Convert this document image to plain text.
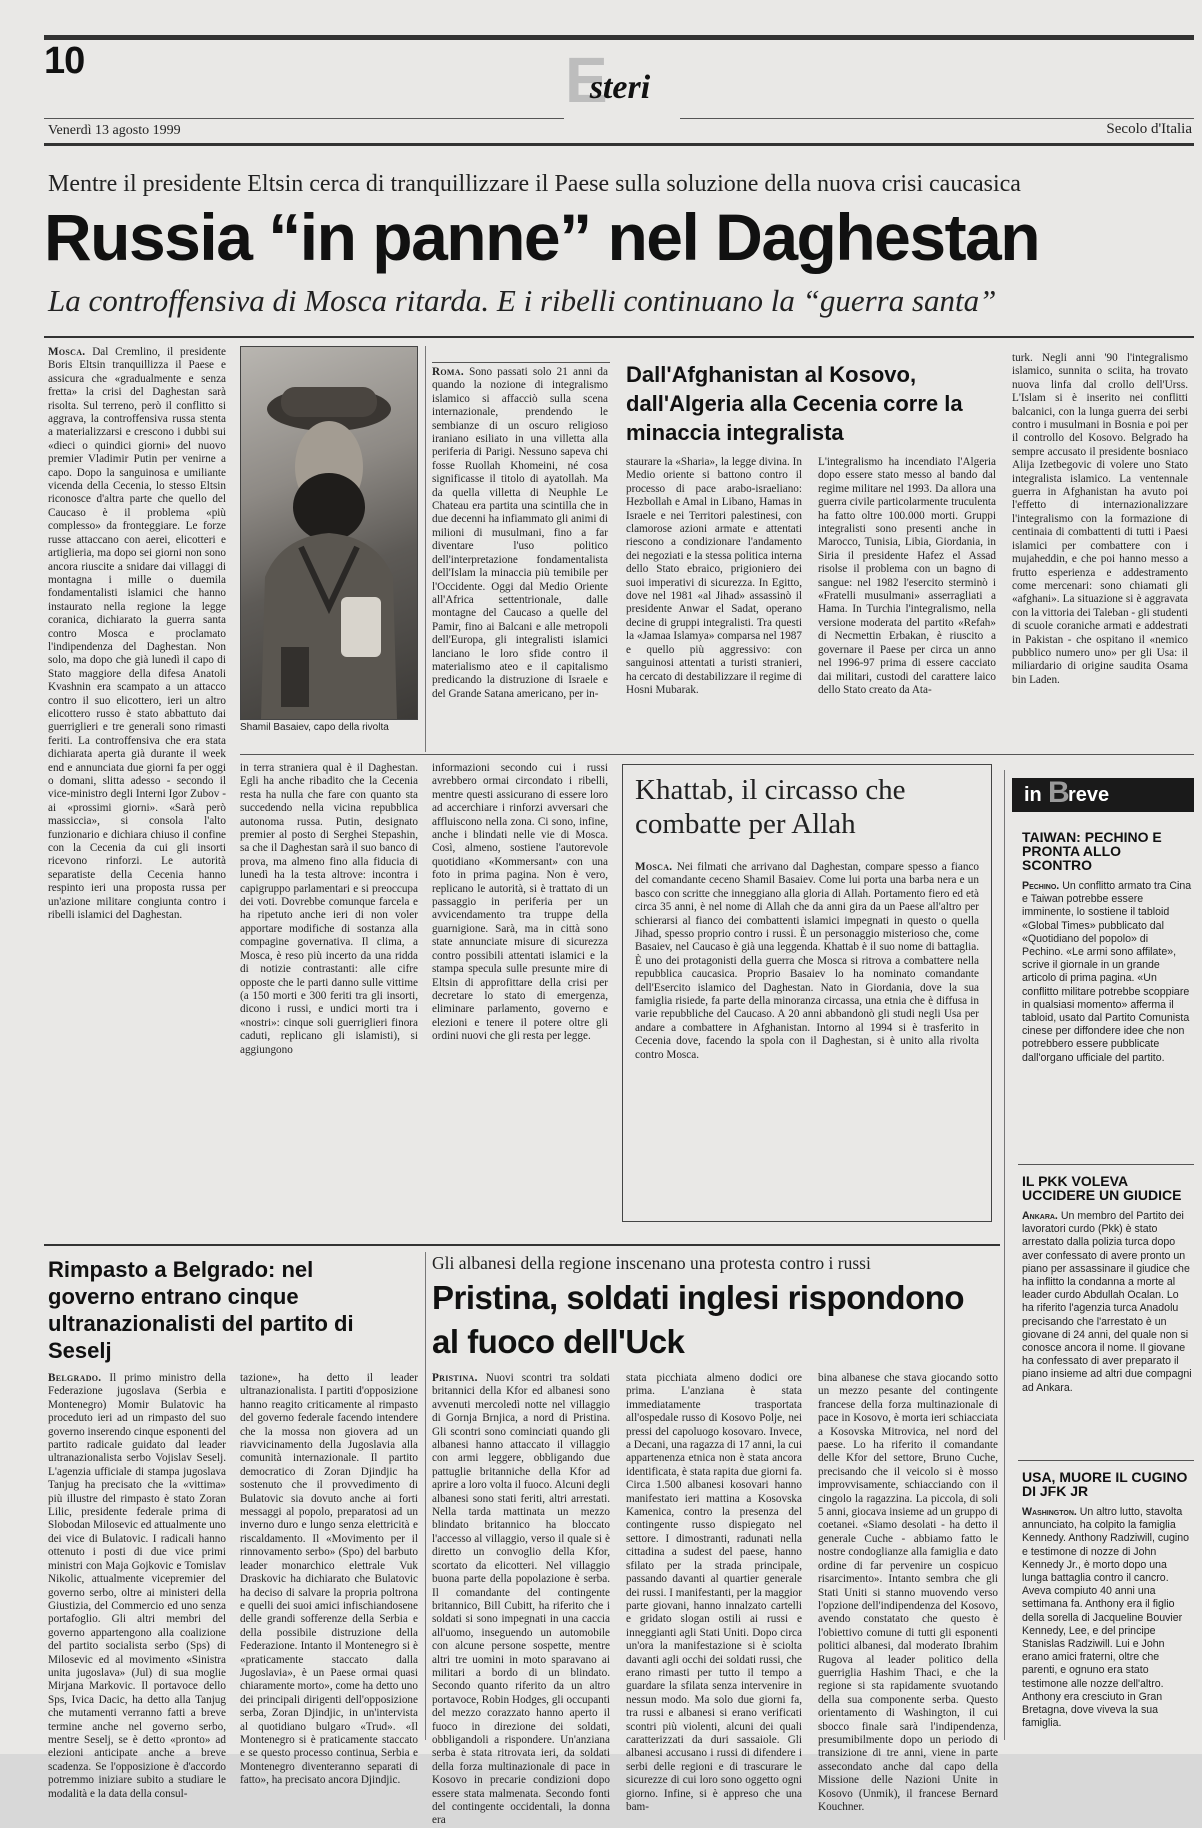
10	Esteri
Venerdì 13 agosto 1999	Secolo d'Italia
Mentre il presidente Eltsin cerca di tranquillizzare il Paese sulla soluzione della nuova crisi caucasica
Russia “in panne” nel Daghestan
La controffensiva di Mosca ritarda. E i ribelli continuano la “guerra santa”
Mosca. Dal Cremlino, il presidente Boris Eltsin tranquillizza il Paese e assicura che «gradualmente e senza fretta» la crisi del Daghestan sarà risolta. Sul terreno, però il conflitto si aggrava, la controffensiva russa stenta a materializzarsi e crescono i dubbi sui «dieci o quindici giorni» del nuovo premier Vladimir Putin per venirne a capo. Dopo la sanguinosa e umiliante vicenda della Cecenia, lo stesso Eltsin riconosce d'altra parte che quello del Caucaso è il problema «più complesso» da fronteggiare. Le forze russe attaccano con aerei, elicotteri e artiglieria, ma dopo sei giorni non sono ancora riuscite a snidare dai villaggi di montagna i mille o duemila fondamentalisti islamici che hanno instaurato nella regione la legge coranica, dichiarato la guerra santa contro Mosca e proclamato l'indipendenza del Daghestan. Non solo, ma dopo che già lunedì il capo di Stato maggiore della difesa Anatoli Kvashnin era scampato a un attacco contro il suo elicottero, ieri un altro elicottero russo è stato abbattuto dai guerriglieri e tre generali sono rimasti feriti. La controffensiva che era stata dichiarata aperta già durante il week end e annunciata due giorni fa per oggi o domani, slitta adesso - secondo il vice-ministro degli Interni Igor Zubov - ai «prossimi giorni». «Sarà però massiccia», si consola l'alto funzionario e dichiara chiuso il confine con la Cecenia da cui gli insorti ricevono rinforzi. Le autorità separatiste della Cecenia hanno respinto ieri una proposta russa per un'azione militare congiunta contro i ribelli islamici del Daghestan.
Shamil Basaiev, capo della rivolta
Roma. Sono passati solo 21 anni da quando la nozione di integralismo islamico si affacciò sulla scena internazionale, prendendo le sembianze di un oscuro religioso iraniano esiliato in una villetta alla periferia di Parigi. Nessuno sapeva chi fosse Ruollah Khomeini, né cosa significasse il titolo di ayatollah. Ma da quella villetta di Neuphle Le Chateau era partita una scintilla che in due decenni ha infiammato gli animi di milioni di musulmani, fino a far diventare l'uso politico dell'interpretazione fondamentalista dell'Islam la minaccia più temibile per l'Occidente. Oggi dal Medio Oriente all'Africa settentrionale, dalle montagne del Caucaso a quelle del Pamir, fino ai Balcani e alle metropoli dell'Europa, gli integralisti islamici lanciano le loro sfide contro il materialismo ateo e il capitalismo predicando la distruzione di Israele e del Grande Satana americano, per in-
Dall'Afghanistan al Kosovo, dall'Algeria alla Cecenia corre la minaccia integralista
staurare la «Sharia», la legge divina. In Medio oriente si battono contro il processo di pace arabo-israeliano: Hezbollah e Amal in Libano, Hamas in Israele e nei Territori palestinesi, con clamorose azioni armate e attentati riescono a condizionare l'andamento dei negoziati e la stessa politica interna dello Stato ebraico, prigioniero dei suoi imperativi di sicurezza. In Egitto, dove nel 1981 «al Jihad» assassinò il presidente Anwar el Sadat, operano decine di gruppi integralisti. Tra questi la «Jamaa Islamya» comparsa nel 1987 e quello più aggressivo: con sanguinosi attentati a turisti stranieri, ha cercato di destabilizzare il regime di Hosni Mubarak.
L'integralismo ha incendiato l'Algeria dopo essere stato messo al bando dal regime militare nel 1993. Da allora una guerra civile particolarmente truculenta ha fatto oltre 100.000 morti. Gruppi integralisti sono presenti anche in Marocco, Tunisia, Libia, Giordania, in Siria il presidente Hafez el Assad risolse il problema con un bagno di sangue: nel 1982 l'esercito sterminò i «Fratelli musulmani» asserragliati a Hama. In Turchia l'integralismo, nella versione moderata del partito «Refah» di Necmettin Erbakan, è riuscito a governare il Paese per circa un anno nel 1996-97 prima di essere cacciato dai militari, custodi del carattere laico dello Stato creato da Ata-
turk. Negli anni '90 l'integralismo islamico, sunnita o sciita, ha trovato nuova linfa dal crollo dell'Urss. L'Islam si è inserito nei conflitti balcanici, con la lunga guerra dei serbi contro i musulmani in Bosnia e poi per il controllo del Kosovo. Belgrado ha sempre accusato il presidente bosniaco Alija Izetbegovic di volere uno Stato integralista islamico. La ventennale guerra in Afghanistan ha avuto poi l'effetto di internazionalizzare l'integralismo con la formazione di centinaia di combattenti di tutti i Paesi islamici per combattere con i mujaheddin, e che poi hanno messo a frutto esperienza e addestramento come mercenari: sono chiamati gli «afghani». La situazione si è aggravata con la vittoria dei Taleban - gli studenti di scuole coraniche armati e addestrati in Pakistan - che ospitano il «nemico pubblico numero uno» per gli Usa: il miliardario di origine saudita Osama bin Laden.
in terra straniera qual è il Daghestan. Egli ha anche ribadito che la Cecenia resta ha nulla che fare con quanto sta succedendo nella vicina repubblica autonoma russa. Putin, designato premier al posto di Serghei Stepashin, sa che il Daghestan sarà il suo banco di prova, ma almeno fino alla fiducia di lunedì ha la testa altrove: incontra i capigruppo parlamentari e si preoccupa dei voti. Dovrebbe comunque farcela e ha ripetuto anche ieri di non voler apportare modifiche di sostanza alla compagine governativa. Il clima, a Mosca, è reso più incerto da una ridda di notizie contrastanti: alle cifre opposte che le parti danno sulle vittime (a 150 morti e 300 feriti tra gli insorti, dicono i russi, e undici morti tra i «nostri»: cinque soli guerriglieri finora caduti, replicano gli islamisti), si aggiungono
informazioni secondo cui i russi avrebbero ormai circondato i ribelli, mentre questi assicurano di essere loro ad accerchiare i rinforzi avversari che affluiscono nella zona. Ci sono, infine, anche i blindati nelle vie di Mosca. Così, almeno, sostiene l'autorevole quotidiano «Kommersant» con una foto in prima pagina. Non è vero, replicano le autorità, si è trattato di un passaggio in periferia per un avvicendamento tra truppe della guarnigione. Sarà, ma in città sono state annunciate misure di sicurezza contro possibili attentati islamici e la stampa specula sulle presunte mire di Eltsin di approfittare della crisi per decretare lo stato di emergenza, eliminare parlamento, governo e elezioni e tenere il potere oltre gli ordini nuovi che gli resta per legge.
Khattab, il circasso che combatte per Allah
Mosca. Nei filmati che arrivano dal Daghestan, compare spesso a fianco del comandante ceceno Shamil Basaiev. Come lui porta una barba nera e un basco con scritte che inneggiano alla gloria di Allah. Portamento fiero ed età circa 35 anni, è nel nome di Allah che da anni gira da un Paese all'altro per schierarsi al fianco dei combattenti islamici impegnati in questo o quella Jihad, spesso proprio contro i russi. È un personaggio misterioso che, come Basaiev, nel Caucaso è già una leggenda. Khattab è il suo nome di battaglia. È uno dei protagonisti della guerra che Mosca si ritrova a combattere nella repubblica caucasica. Proprio Basaiev lo ha nominato comandante dell'Esercito islamico del Daghestan. Nato in Giordania, dove la sua famiglia risiede, fa parte della minoranza circassa, una etnia che è diffusa in varie repubbliche del Caucaso. A 20 anni abbandonò gli studi negli Usa per andare a combattere in Afghanistan. Intorno al 1994 si è trasferito in Cecenia dove, facendo la spola con il Daghestan, si è unito alla rivolta contro Mosca.
in B
reve
TAIWAN: PECHINO E PRONTA ALLO SCONTRO
Pechino. Un conflitto armato tra Cina e Taiwan potrebbe essere imminente, lo sostiene il tabloid «Global Times» pubblicato dal «Quotidiano del popolo» di Pechino. «Le armi sono affilate», scrive il giornale in un grande articolo di prima pagina. «Un conflitto militare potrebbe scoppiare in qualsiasi momento» afferma il tabloid, usato dal Partito Comunista cinese per diffondere idee che non potrebbero essere pubblicate dall'organo ufficiale del partito.
IL PKK VOLEVA UCCIDERE UN GIUDICE
Ankara. Un membro del Partito dei lavoratori curdo (Pkk) è stato arrestato dalla polizia turca dopo aver confessato di avere pronto un piano per assassinare il giudice che ha inflitto la condanna a morte al leader curdo Abdullah Ocalan. Lo ha riferito l'agenzia turca Anadolu precisando che l'arrestato è un giovane di 24 anni, del quale non si conosce ancora il nome. Il giovane ha confessato di aver preparato il piano insieme ad altri due compagni ad Ankara.
USA, MUORE IL CUGINO DI JFK JR
Washington. Un altro lutto, stavolta annunciato, ha colpito la famiglia Kennedy. Anthony Radziwill, cugino e testimone di nozze di John Kennedy Jr., è morto dopo una lunga battaglia contro il cancro. Aveva compiuto 40 anni una settimana fa. Anthony era il figlio della sorella di Jacqueline Bouvier Kennedy, Lee, e del principe Stanislas Radziwill. Lui e John erano amici fraterni, oltre che parenti, e ognuno era stato testimone alle nozze dell'altro. Anthony era cresciuto in Gran Bretagna, dove viveva la sua famiglia.
Rimpasto a Belgrado: nel governo entrano cinque ultranazionalisti del partito di Seselj
Belgrado. Il primo ministro della Federazione jugoslava (Serbia e Montenegro) Momir Bulatovic ha proceduto ieri ad un rimpasto del suo governo inserendo cinque esponenti del partito radicale guidato dal leader ultranazionalista serbo Vojislav Seselj. L'agenzia ufficiale di stampa jugoslava Tanjug ha precisato che la «vittima» più illustre del rimpasto è stato Zoran Lilic, presidente federale prima di Slobodan Milosevic ed attualmente uno dei vice di Bulatovic. I radicali hanno ottenuto i posti di due vice primi ministri con Maja Gojkovic e Tomislav Nikolic, attualmente vicepremier del governo serbo, oltre ai ministeri della Giustizia, del Commercio ed uno senza portafoglio. Gli altri membri del governo appartengono alla coalizione del partito socialista serbo (Sps) di Milosevic ed al movimento «Sinistra unita jugoslava» (Jul) di sua moglie Mirjana Markovic. Il portavoce dello Sps, Ivica Dacic, ha detto alla Tanjug che mutamenti verranno fatti a breve termine anche nel governo serbo, mentre Seselj, se è detto «pronto» ad elezioni anticipate anche a breve scadenza. Se l'opposizione è d'accordo potremmo iniziare subito a studiare le modalità e la data della consul-
tazione», ha detto il leader ultranazionalista. I partiti d'opposizione hanno reagito criticamente al rimpasto del governo federale facendo intendere che la mossa non giovera ad un riavvicinamento della Jugoslavia alla comunità internazionale. Il partito democratico di Zoran Djindjic ha sostenuto che il provvedimento di Bulatovic sia dovuto anche ai forti messaggi al popolo, preparatosi ad un inverno duro e lungo senza elettricità e riscaldamento. Il «Movimento per il rinnovamento serbo» (Spo) del barbuto leader monarchico elettrale Vuk Draskovic ha dichiarato che Bulatovic ha deciso di salvare la propria poltrona e quelli dei suoi amici infischiandosene delle grandi sofferenze della Serbia e della possibile distruzione della Federazione. Intanto il Montenegro si è «praticamente staccato dalla Jugoslavia», è un Paese ormai quasi chiaramente morto», come ha detto uno dei principali dirigenti dell'opposizione serba, Zoran Djindjic, in un'intervista al quotidiano bulgaro «Trud». «Il Montenegro si è praticamente staccato e se questo processo continua, Serbia e Montenegro diventeranno separati di fatto», ha precisato ancora Djindjic.
Gli albanesi della regione inscenano una protesta contro i russi
Pristina, soldati inglesi rispondono al fuoco dell'Uck
Pristina. Nuovi scontri tra soldati britannici della Kfor ed albanesi sono avvenuti mercoledì notte nel villaggio di Gornja Brnjica, a nord di Pristina. Gli scontri sono cominciati quando gli albanesi hanno attaccato il villaggio con armi leggere, obbligando due pattuglie britanniche della Kfor ad aprire a loro volta il fuoco. Alcuni degli albanesi sono stati feriti, altri arrestati. Nella tarda mattinata un mezzo blindato britannico ha bloccato l'accesso al villaggio, verso il quale si è diretto un convoglio della Kfor, scortato da elicotteri. Nel villaggio buona parte della popolazione è serba. Il comandante del contingente britannico, Bill Cubitt, ha riferito che i soldati si sono impegnati in una caccia all'uomo, inseguendo un automobile con alcune persone sospette, mentre altri tre uomini in moto sparavano ai militari a bordo di un blindato. Secondo quanto riferito da un altro portavoce, Robin Hodges, gli occupanti del mezzo corazzato hanno aperto il fuoco in direzione dei soldati, obbligandoli a rispondere. Un'anziana serba è stata ritrovata ieri, da soldati della forza multinazionale di pace in Kosovo in precarie condizioni dopo essere stata malmenata. Secondo fonti del contingente occidentali, la donna era
stata picchiata almeno dodici ore prima. L'anziana è stata immediatamente trasportata all'ospedale russo di Kosovo Polje, nei pressi del capoluogo kosovaro. Invece, a Decani, una ragazza di 17 anni, la cui appartenenza etnica non è stata ancora identificata, è stata rapita due giorni fa. Circa 1.500 albanesi kosovari hanno manifestato ieri mattina a Kosovska Kamenica, contro la presenza del contingente russo dispiegato nel settore. I dimostranti, radunati nella cittadina a sudest del paese, hanno sfilato per la strada principale, passando davanti al quartier generale dei russi. I manifestanti, per la maggior parte giovani, hanno innalzato cartelli e gridato slogan ostili ai russi e inneggianti agli Stati Uniti. Dopo circa un'ora la manifestazione si è sciolta davanti agli occhi dei soldati russi, che erano rimasti per tutto il tempo a guardare la sfilata senza intervenire in nessun modo. Ma solo due giorni fa, tra russi e albanesi si erano verificati scontri più violenti, alcuni dei quali caratterizzati da duri sassaiole. Gli albanesi accusano i russi di difendere i serbi delle regioni e di trascurare le sicurezze di cui loro sono oggetto ogni giorno. Infine, si è appreso che una bam-
bina albanese che stava giocando sotto un mezzo pesante del contingente francese della forza multinazionale di pace in Kosovo, è morta ieri schiacciata a Kosovska Mitrovica, nel nord del paese. Lo ha riferito il comandante delle Kfor del settore, Bruno Cuche, precisando che il veicolo si è mosso improvvisamente, schiacciando con il cingolo la ragazzina. La piccola, di soli 5 anni, giocava insieme ad un gruppo di coetanei. «Siamo desolati - ha detto il generale Cuche - abbiamo fatto le nostre condoglianze alla famiglia e dato ordine di far pervenire un cospicuo risarcimento». Intanto sembra che gli Stati Uniti si stanno muovendo verso l'opzione dell'indipendenza del Kosovo, avendo constatato che questo è l'obiettivo comune di tutti gli esponenti politici albanesi, dal moderato Ibrahim Rugova al leader politico della guerriglia Hashim Thaci, e che la regione si sta rapidamente svuotando della sua componente serba. Questo orientamento di Washington, il cui sbocco finale sarà l'indipendenza, presumibilmente dopo un periodo di transizione di tre anni, viene in parte assecondato anche dal capo della Missione delle Nazioni Unite in Kosovo (Unmik), il francese Bernard Kouchner.
